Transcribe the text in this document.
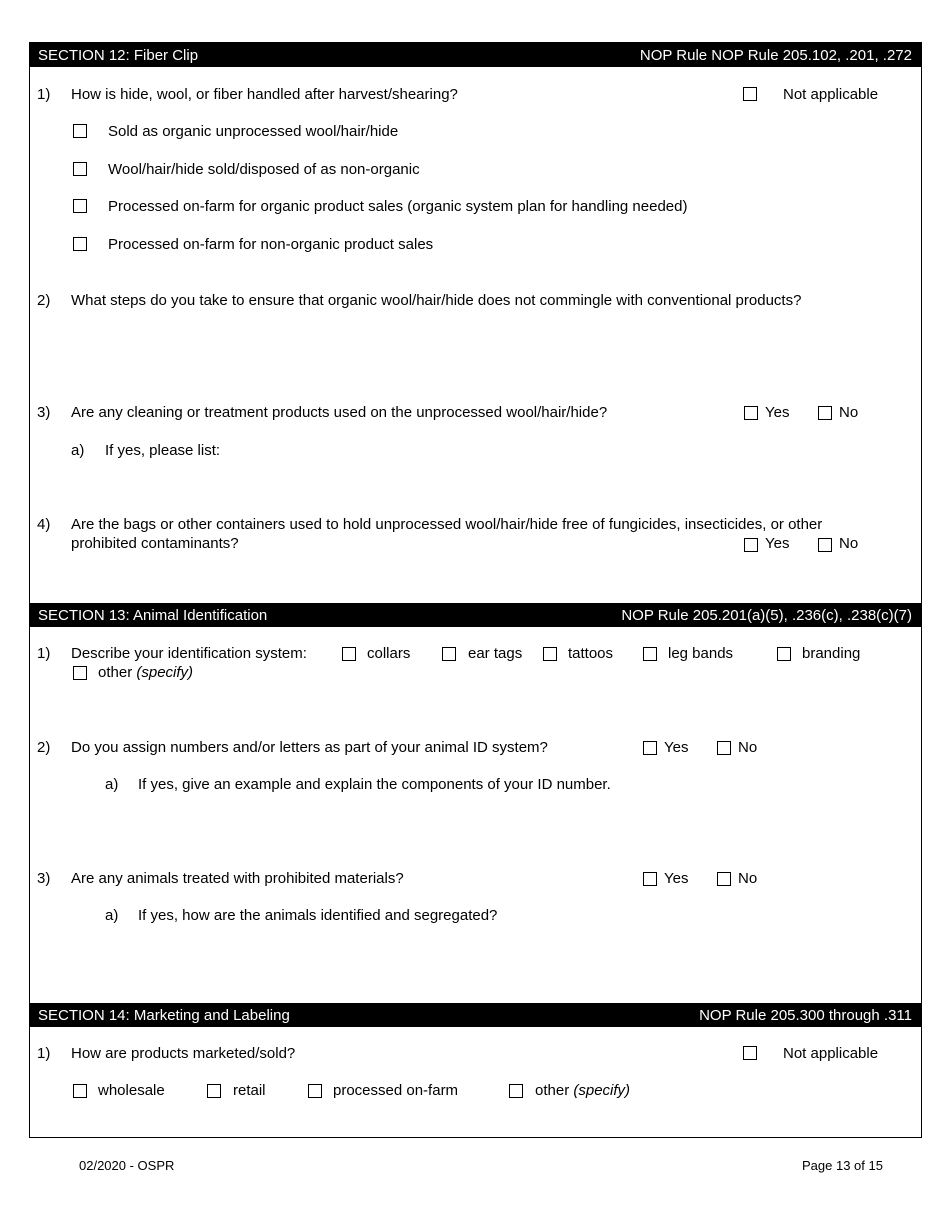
SECTION 12: Fiber Clip	NOP Rule NOP Rule 205.102, .201, .272
1) How is hide, wool, or fiber handled after harvest/shearing?	Not applicable
Sold as organic unprocessed wool/hair/hide
Wool/hair/hide sold/disposed of as non-organic
Processed on-farm for organic product sales (organic system plan for handling needed)
Processed on-farm for non-organic product sales
2) What steps do you take to ensure that organic wool/hair/hide does not commingle with conventional products?
3) Are any cleaning or treatment products used on the unprocessed wool/hair/hide?	Yes	No
a) If yes, please list:
4) Are the bags or other containers used to hold unprocessed wool/hair/hide free of fungicides, insecticides, or other
prohibited contaminants?	Yes	No
SECTION 13: Animal Identification	NOP Rule 205.201(a)(5), .236(c), .238(c)(7)
1) Describe your identification system:	collars	ear tags	tattoos	leg bands	branding
other (specify)
2) Do you assign numbers and/or letters as part of your animal ID system?	Yes	No
a) If yes, give an example and explain the components of your ID number.
3) Are any animals treated with prohibited materials?	Yes	No
a) If yes, how are the animals identified and segregated?
SECTION 14: Marketing and Labeling	NOP Rule 205.300 through .311
1) How are products marketed/sold?	Not applicable
wholesale	retail	processed on-farm	other (specify)
02/2020 - OSPR	Page 13 of 15
